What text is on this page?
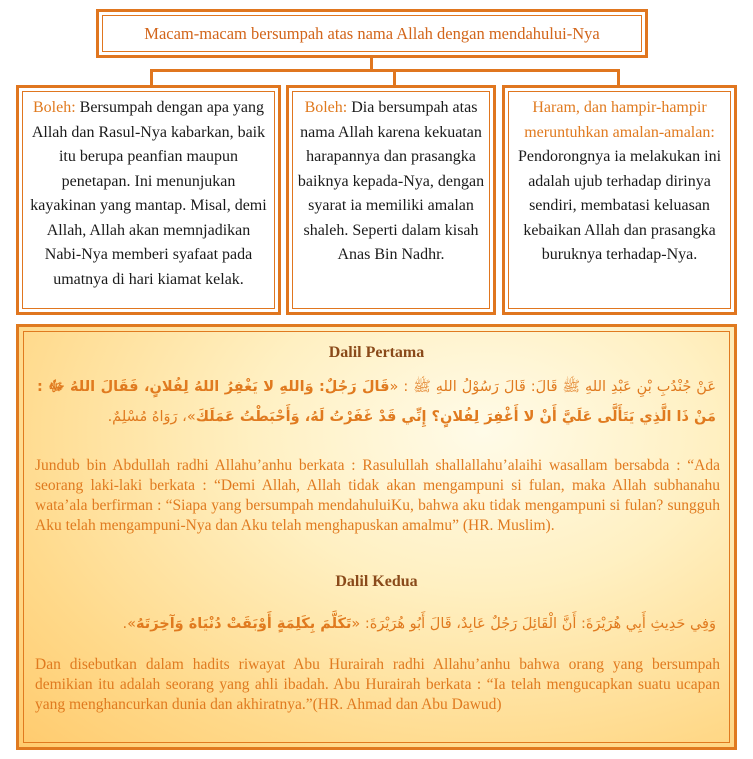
Macam-macam bersumpah atas nama Allah dengan mendahului-Nya
Boleh: Bersumpah dengan apa yang Allah dan Rasul-Nya kabarkan, baik itu berupa peanfian maupun penetapan. Ini menunjukan kayakinan yang mantap. Misal, demi Allah, Allah akan memnjadikan Nabi-Nya memberi syafaat pada umatnya di hari kiamat kelak.
Boleh: Dia bersumpah atas nama Allah karena kekuatan harapannya dan prasangka baiknya kepada-Nya, dengan syarat ia memiliki amalan shaleh. Seperti dalam kisah Anas Bin Nadhr.
Haram, dan hampir-hampir meruntuhkan amalan-amalan: Pendorongnya ia melakukan ini adalah ujub terhadap dirinya sendiri, membatasi keluasan kebaikan Allah dan prasangka buruknya terhadap-Nya.
Dalil Pertama
عَنْ جُنْدُبِ بْنِ عَبْدِ اللهِ ﷺ قَالَ: قَالَ رَسُوْلُ اللهِ ﷺ : «قَالَ رَجُلٌ: وَاللهِ لا يَغْفِرُ اللهُ لِفُلانٍ، فَقَالَ اللهُ ﷻ : مَنْ ذَا الَّذِي يَتَأَلَّى عَلَيَّ أَنْ لا أَغْفِرَ لِفُلانٍ؟ إِنِّي قَدْ غَفَرْتُ لَهُ، وَأَحْبَطْتُ عَمَلَكَ»، رَوَاهُ مُسْلِمٌ.
Jundub bin Abdullah radhi Allahu’anhu berkata : Rasulullah shallallahu’alaihi wasallam bersabda : “Ada seorang laki-laki berkata : “Demi Allah, Allah tidak akan mengampuni si fulan, maka Allah subhanahu wata’ala berfirman : “Siapa yang bersumpah mendahuluiKu, bahwa aku tidak mengampuni si fulan? sungguh Aku telah mengampuni-Nya dan Aku telah menghapuskan amalmu” (HR. Muslim).
Dalil Kedua
وَفِي حَدِيثِ أَبِي هُرَيْرَةَ: أَنَّ الْقَائِلَ رَجُلٌ عَابِدٌ، قَالَ أَبُو هُرَيْرَةَ: «تَكَلَّمَ بِكَلِمَةٍ أَوْبَقَتْ دُنْيَاهُ وَآخِرَتَهُ».
Dan disebutkan dalam hadits riwayat Abu Hurairah radhi Allahu’anhu bahwa orang yang bersumpah demikian itu adalah seorang yang ahli ibadah. Abu Hurairah berkata : “Ia telah mengucapkan suatu ucapan yang menghancurkan dunia dan akhiratnya.”(HR. Ahmad dan Abu Dawud)
